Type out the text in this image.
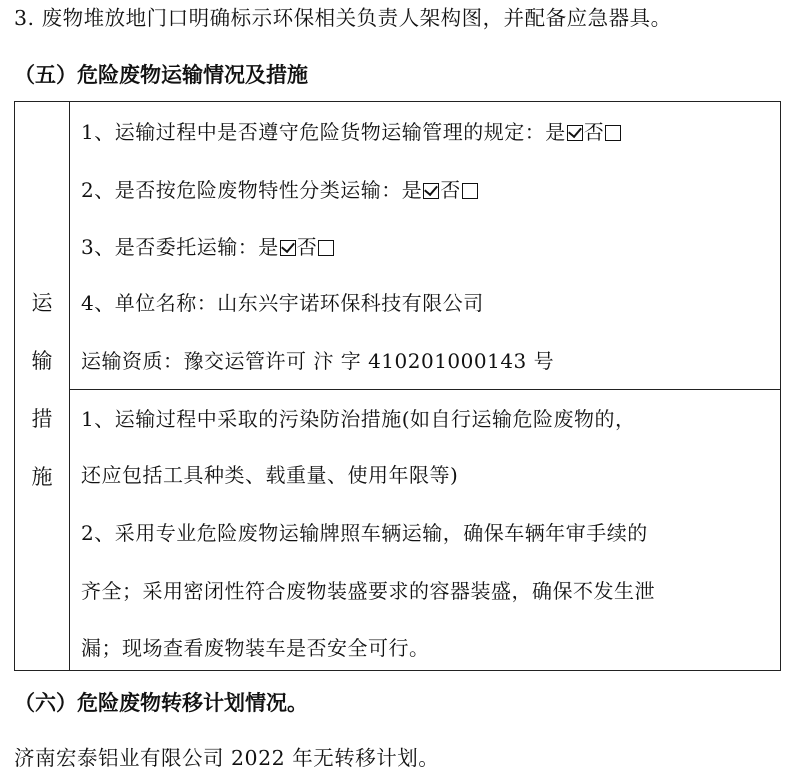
3. 废物堆放地门口明确标示环保相关负责人架构图，并配备应急器具。
（五）危险废物运输情况及措施
运
输
措
施
1、运输过程中是否遵守危险货物运输管理的规定：是 否
2、是否按危险废物特性分类运输：是 否
3、是否委托运输：是 否
4、单位名称：山东兴宇诺环保科技有限公司
运输资质：豫交运管许可 汴 字 410201000143 号
1、运输过程中采取的污染防治措施(如自行运输危险废物的，
还应包括工具种类、载重量、使用年限等)
2、采用专业危险废物运输牌照车辆运输，确保车辆年审手续的
齐全；采用密闭性符合废物装盛要求的容器装盛，确保不发生泄
漏；现场查看废物装车是否安全可行。
（六）危险废物转移计划情况。
济南宏泰铝业有限公司 2022 年无转移计划。
